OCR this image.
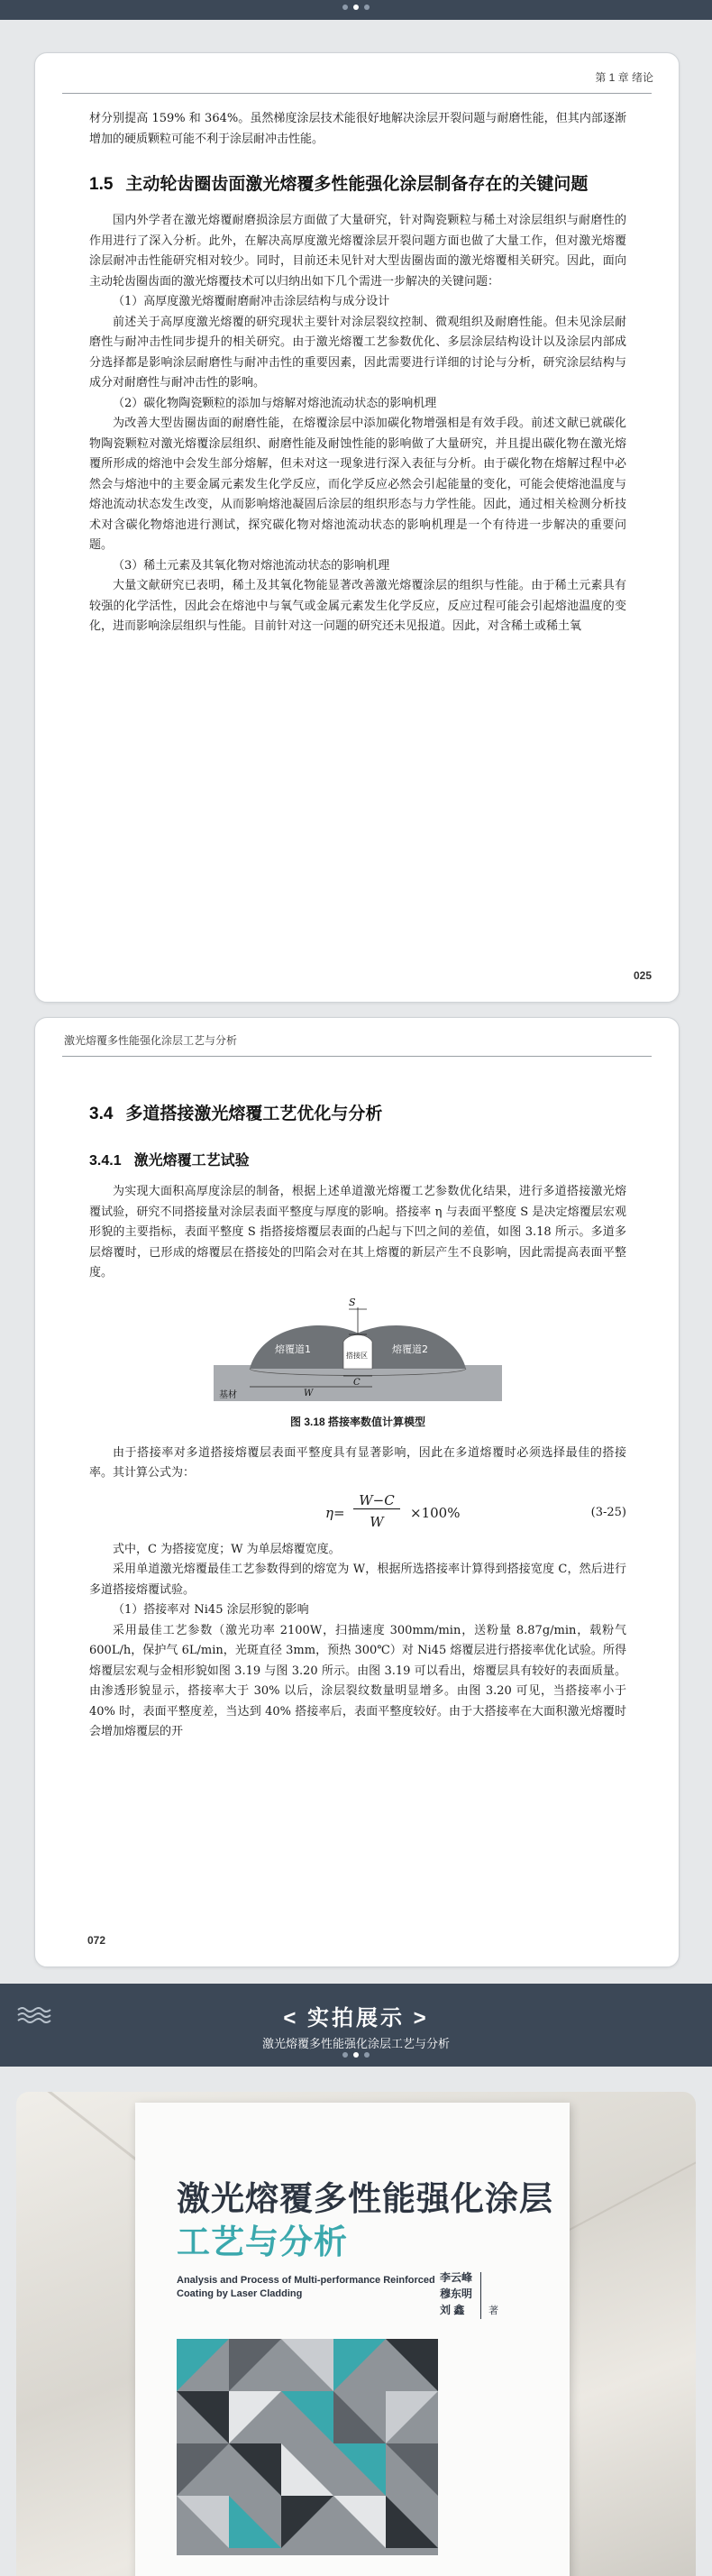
第 1 章 绪论

材分别提高 159% 和 364%。虽然梯度涂层技术能很好地解决涂层开裂问题与耐磨性能，但其内部逐渐增加的硬质颗粒可能不利于涂层耐冲击性能。

1.5 主动轮齿圈齿面激光熔覆多性能强化涂层制备存在的关键问题

国内外学者在激光熔覆耐磨损涂层方面做了大量研究，针对陶瓷颗粒与稀土对涂层组织与耐磨性的作用进行了深入分析。此外，在解决高厚度激光熔覆涂层开裂问题方面也做了大量工作，但对激光熔覆涂层耐冲击性能研究相对较少。同时，目前还未见针对大型齿圈齿面的激光熔覆相关研究。因此，面向主动轮齿圈齿面的激光熔覆技术可以归纳出如下几个需进一步解决的关键问题：

（1）高厚度激光熔覆耐磨耐冲击涂层结构与成分设计

前述关于高厚度激光熔覆的研究现状主要针对涂层裂纹控制、微观组织及耐磨性能。但未见涂层耐磨性与耐冲击性同步提升的相关研究。由于激光熔覆工艺参数优化、多层涂层结构设计以及涂层内部成分选择都是影响涂层耐磨性与耐冲击性的重要因素，因此需要进行详细的讨论与分析，研究涂层结构与成分对耐磨性与耐冲击性的影响。

（2）碳化物陶瓷颗粒的添加与熔解对熔池流动状态的影响机理

为改善大型齿圈齿面的耐磨性能，在熔覆涂层中添加碳化物增强相是有效手段。前述文献已就碳化物陶瓷颗粒对激光熔覆涂层组织、耐磨性能及耐蚀性能的影响做了大量研究，并且提出碳化物在激光熔覆所形成的熔池中会发生部分熔解，但未对这一现象进行深入表征与分析。由于碳化物在熔解过程中必然会与熔池中的主要金属元素发生化学反应，而化学反应必然会引起能量的变化，可能会使熔池温度与熔池流动状态发生改变，从而影响熔池凝固后涂层的组织形态与力学性能。因此，通过相关检测分析技术对含碳化物熔池进行测试，探究碳化物对熔池流动状态的影响机理是一个有待进一步解决的重要问题。

（3）稀土元素及其氧化物对熔池流动状态的影响机理

大量文献研究已表明，稀土及其氧化物能显著改善激光熔覆涂层的组织与性能。由于稀土元素具有较强的化学活性，因此会在熔池中与氧气或金属元素发生化学反应，反应过程可能会引起熔池温度的变化，进而影响涂层组织与性能。目前针对这一问题的研究还未见报道。因此，对含稀土或稀土氧

025
激光熔覆多性能强化涂层工艺与分析
3.4 多道搭接激光熔覆工艺优化与分析
3.4.1 激光熔覆工艺试验

为实现大面积高厚度涂层的制备，根据上述单道激光熔覆工艺参数优化结果，进行多道搭接激光熔覆试验，研究不同搭接量对涂层表面平整度与厚度的影响。搭接率 η 与表面平整度 S 是决定熔覆层宏观形貌的主要指标，表面平整度 S 指搭接熔覆层表面的凸起与下凹之间的差值，如图 3.18 所示。多道多层熔覆时，已形成的熔覆层在搭接处的凹陷会对在其上熔覆的新层产生不良影响，因此需提高表面平整度。

S
C
W
熔覆道1
搭接区
熔覆道2
基材
图 3.18 搭接率数值计算模型

由于搭接率对多道搭接熔覆层表面平整度具有显著影响，因此在多道熔覆时必须选择最佳的搭接率。其计算公式为：

$\eta= \frac{W-C}{W} \times 100\%$	(3-25)

式中，C 为搭接宽度；W 为单层熔覆宽度。

采用单道激光熔覆最佳工艺参数得到的熔宽为 W，根据所选搭接率计算得到搭接宽度 C，然后进行多道搭接熔覆试验。

（1）搭接率对 Ni45 涂层形貌的影响

采用最佳工艺参数（激光功率 2100W，扫描速度 300mm/min，送粉量 8.87g/min，载粉气 600L/h，保护气 6L/min，光斑直径 3mm，预热 300℃）对 Ni45 熔覆层进行搭接率优化试验。所得熔覆层宏观与金相形貌如图 3.19 与图 3.20 所示。由图 3.19 可以看出，熔覆层具有较好的表面质量。由渗透形貌显示，搭接率大于 30% 以后，涂层裂纹数量明显增多。由图 3.20 可见，当搭接率小于 40% 时，表面平整度差，当达到 40% 搭接率后，表面平整度较好。由于大搭接率在大面积激光熔覆时会增加熔覆层的开

072
< 实拍展示 >
激光熔覆多性能强化涂层工艺与分析
激光熔覆多性能强化涂层
工艺与分析
Analysis and Process of Multi-performance Reinforced Coating by Laser Cladding
李云峰
穆东明
刘 鑫	著
